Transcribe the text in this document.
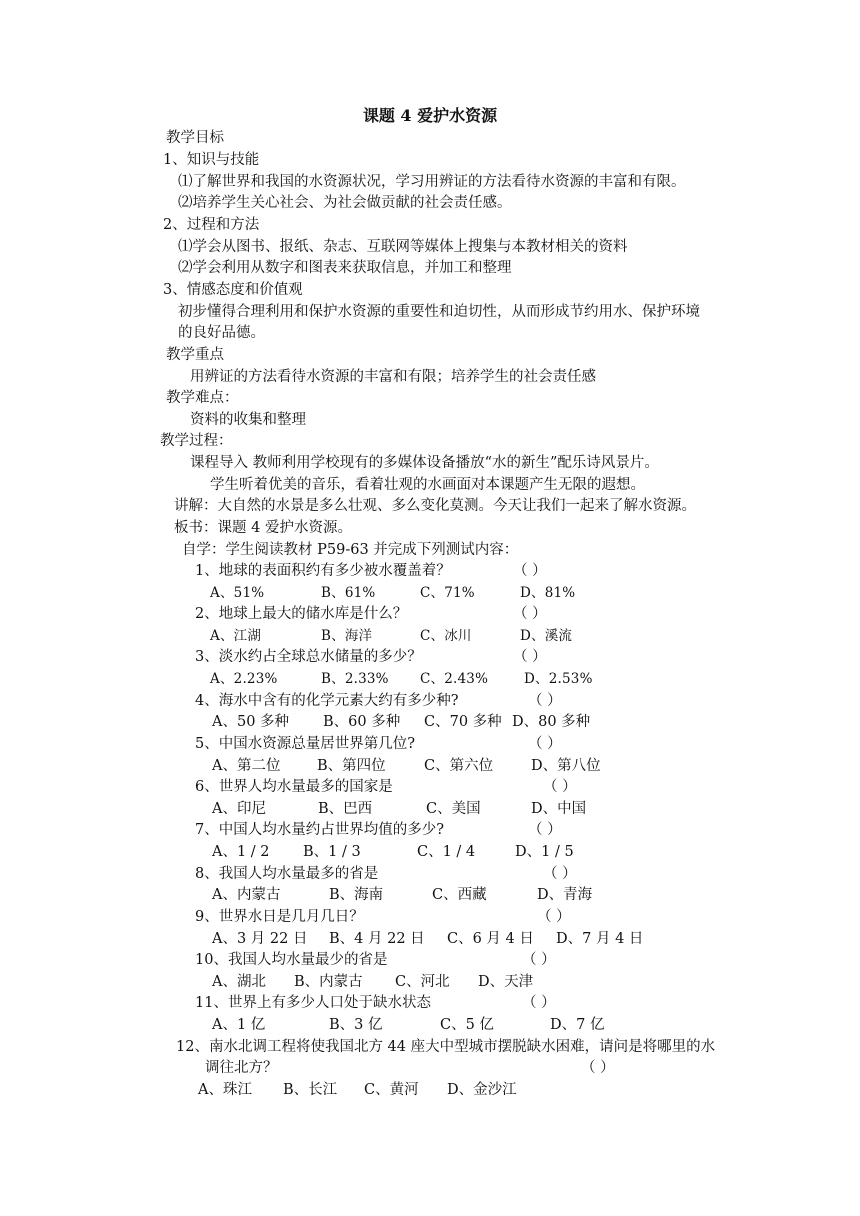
课题 4 爱护水资源
教学目标
1、知识与技能
⑴了解世界和我国的水资源状况，学习用辨证的方法看待水资源的丰富和有限。
⑵培养学生关心社会、为社会做贡献的社会责任感。
2、过程和方法
⑴学会从图书、报纸、杂志、互联网等媒体上搜集与本教材相关的资料
⑵学会利用从数字和图表来获取信息，并加工和整理
3、情感态度和价值观
初步懂得合理利用和保护水资源的重要性和迫切性，从而形成节约用水、保护环境
的良好品德。
教学重点
用辨证的方法看待水资源的丰富和有限；培养学生的社会责任感
教学难点：
资料的收集和整理
教学过程：
课程导入 教师利用学校现有的多媒体设备播放“水的新生”配乐诗风景片。
学生听着优美的音乐，看着壮观的水画面对本课题产生无限的遐想。
讲解：大自然的水景是多么壮观、多么变化莫测。今天让我们一起来了解水资源。
板书：课题 4 爱护水资源。
自学：学生阅读教材 P59-63 并完成下列测试内容：
1、地球的表面积约有多少被水覆盖着？	（ ）
A、51%	B、61%	C、71%	D、81%
2、地球上最大的储水库是什么？	（ ）
A、江湖	B、海洋	C、冰川	D、溪流
3、淡水约占全球总水储量的多少？	（ ）
A、2.23%	B、2.33% C、2.43%	D、2.53%
4、海水中含有的化学元素大约有多少种?	（ ）
A、50 多种 B、60 多种 C、70 多种 D、80 多种
5、中国水资源总量居世界第几位?	（ ）
A、第二位	B、第四位	C、第六位	D、第八位
6、世界人均水量最多的国家是	（ ）
A、印尼	B、巴西	C、美国	D、中国
7、中国人均水量约占世界均值的多少?	（ ）
A、1 / 2 B、1 / 3	C、1 / 4	D、1 / 5
8、我国人均水量最多的省是	（ ）
A、内蒙古	B、海南	C、西藏	D、青海
9、世界水日是几月几日？	（ ）
A、3 月 22 日 B、4 月 22 日 C、6 月 4 日 D、7 月 4 日
10、我国人均水量最少的省是	（ ）
A、湖北 B、内蒙古 C、河北 D、天津
11、世界上有多少人口处于缺水状态	（ ）
A、1 亿	B、3 亿	C、5 亿	D、7 亿
12、南水北调工程将使我国北方 44 座大中型城市摆脱缺水困难，请问是将哪里的水
调往北方？	（ ）
A、珠江 B、长江 C、黄河 D、金沙江
